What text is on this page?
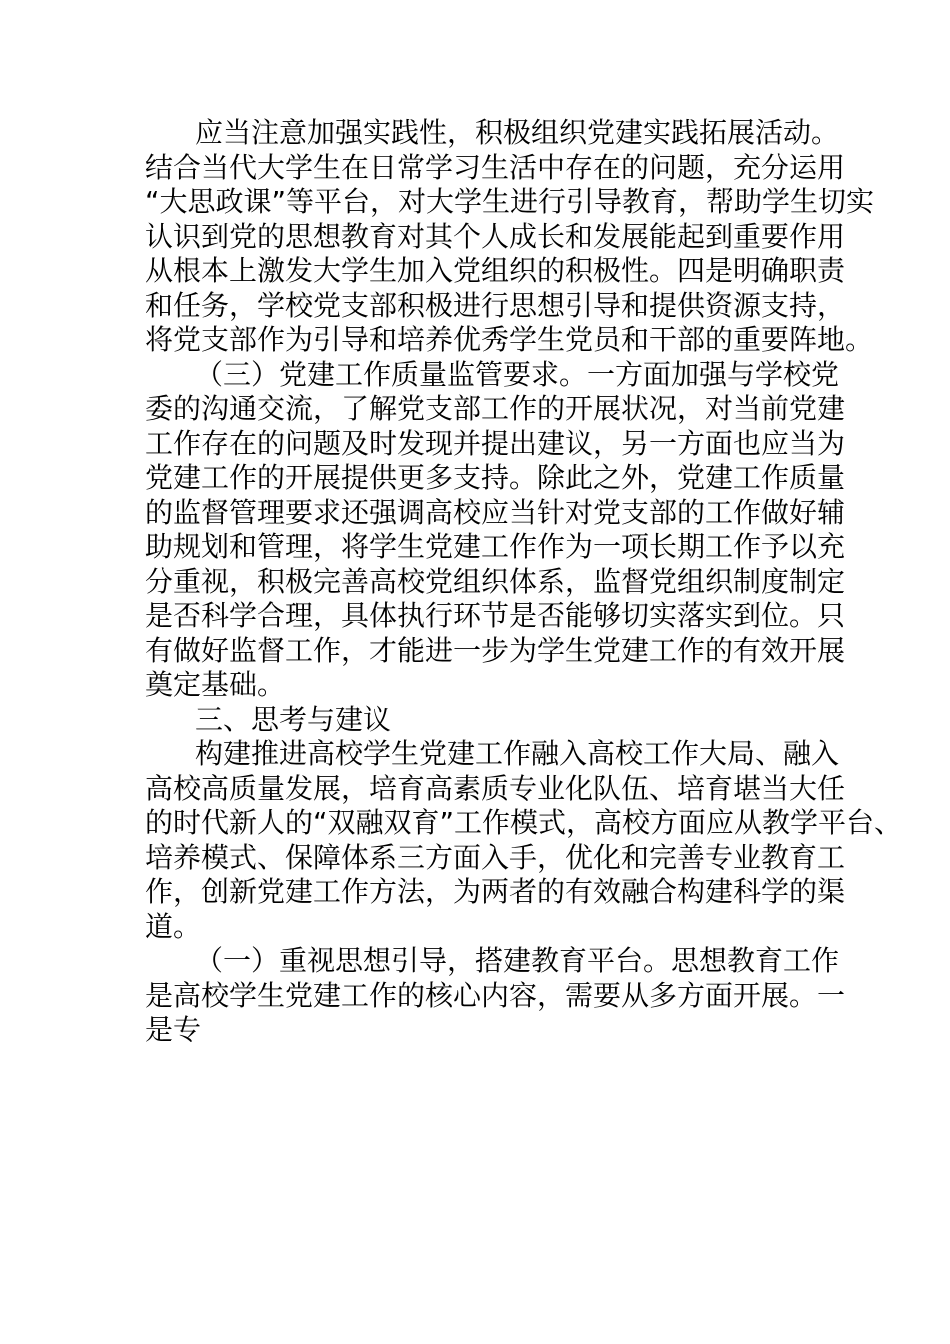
应当注意加强实践性，积极组织党建实践拓展活动。
结合当代大学生在日常学习生活中存在的问题，充分运用
“大思政课”等平台，对大学生进行引导教育，帮助学生切实
认识到党的思想教育对其个人成长和发展能起到重要作用
从根本上激发大学生加入党组织的积极性。四是明确职责
和任务，学校党支部积极进行思想引导和提供资源支持，
将党支部作为引导和培养优秀学生党员和干部的重要阵地。
（三）党建工作质量监管要求。一方面加强与学校党
委的沟通交流，了解党支部工作的开展状况，对当前党建
工作存在的问题及时发现并提出建议，另一方面也应当为
党建工作的开展提供更多支持。除此之外，党建工作质量
的监督管理要求还强调高校应当针对党支部的工作做好辅
助规划和管理，将学生党建工作作为一项长期工作予以充
分重视，积极完善高校党组织体系，监督党组织制度制定
是否科学合理，具体执行环节是否能够切实落实到位。只
有做好监督工作，才能进一步为学生党建工作的有效开展
奠定基础。
三、思考与建议
构建推进高校学生党建工作融入高校工作大局、融入
高校高质量发展，培育高素质专业化队伍、培育堪当大任
的时代新人的“双融双育”工作模式，高校方面应从教学平台、
培养模式、保障体系三方面入手，优化和完善专业教育工
作，创新党建工作方法，为两者的有效融合构建科学的渠
道。
（一）重视思想引导，搭建教育平台。思想教育工作
是高校学生党建工作的核心内容，需要从多方面开展。一
是专
